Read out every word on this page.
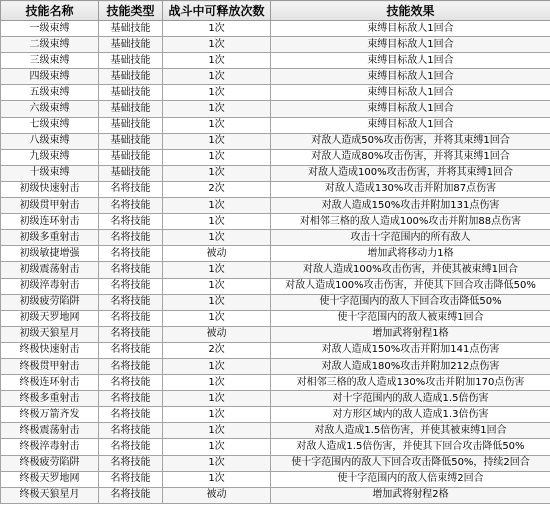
技能名称	技能类型	战斗中可释放次数	技能效果
一级束缚	基础技能	1次	束缚目标敌人1回合
二级束缚	基础技能	1次	束缚目标敌人1回合
三级束缚	基础技能	1次	束缚目标敌人1回合
四级束缚	基础技能	1次	束缚目标敌人1回合
五级束缚	基础技能	1次	束缚目标敌人1回合
六级束缚	基础技能	1次	束缚目标敌人1回合
七级束缚	基础技能	1次	束缚目标敌人1回合
八级束缚	基础技能	1次	对敌人造成50%攻击伤害，并将其束缚1回合
九级束缚	基础技能	1次	对敌人造成80%攻击伤害，并将其束缚1回合
十级束缚	基础技能	1次	对敌人造成100%攻击伤害，并将其束缚1回合
初级快速射击	名将技能	2次	对敌人造成130%攻击并附加87点伤害
初级贯甲射击	名将技能	1次	对敌人造成150%攻击并附加131点伤害
初级连环射击	名将技能	1次	对相邻三格的敌人造成100%攻击并附加88点伤害
初级多重射击	名将技能	1次	攻击十字范围内的所有敌人
初级敏捷增强	名将技能	被动	增加武将移动力1格
初级震荡射击	名将技能	1次	对敌人造成100%攻击伤害，并使其被束缚1回合
初级淬毒射击	名将技能	1次	对敌人造成100%攻击伤害，并使其下回合攻击降低50%
初级疲劳陷阱	名将技能	1次	使十字范围内的敌人下回合攻击降低50%
初级天罗地网	名将技能	1次	使十字范围内的敌人被束缚1回合
初级天狼星月	名将技能	被动	增加武将射程1格
终极快速射击	名将技能	2次	对敌人造成150%攻击并附加141点伤害
终极贯甲射击	名将技能	1次	对敌人造成180%攻击并附加212点伤害
终极连环射击	名将技能	1次	对相邻三格的敌人造成130%攻击并附加170点伤害
终极多重射击	名将技能	1次	对十字范围内的敌人造成1.5倍伤害
终极万箭齐发	名将技能	1次	对方形区域内的敌人造成1.3倍伤害
终极震荡射击	名将技能	1次	对敌人造成1.5倍伤害，并使其被束缚1回合
终极淬毒射击	名将技能	1次	对敌人造成1.5倍伤害，并使其下回合攻击降低50%
终极疲劳陷阱	名将技能	1次	使十字范围内的敌人下回合攻击降低50%，持续2回合
终极天罗地网	名将技能	1次	使十字范围内的敌人倍束缚2回合
终极天狼星月	名将技能	被动	增加武将射程2格
